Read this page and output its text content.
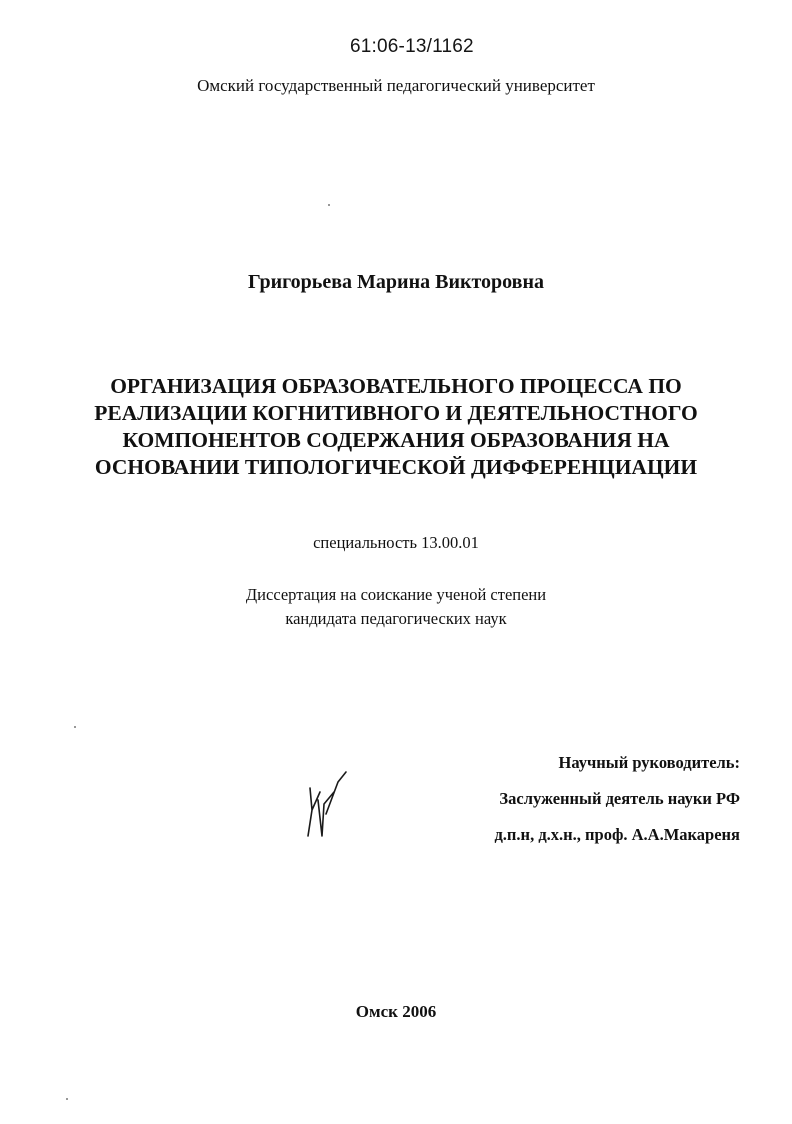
61:06-13/1162
Омский государственный педагогический университет
Григорьева Марина Викторовна
ОРГАНИЗАЦИЯ ОБРАЗОВАТЕЛЬНОГО ПРОЦЕССА ПО
РЕАЛИЗАЦИИ КОГНИТИВНОГО И ДЕЯТЕЛЬНОСТНОГО
КОМПОНЕНТОВ СОДЕРЖАНИЯ ОБРАЗОВАНИЯ НА
ОСНОВАНИИ ТИПОЛОГИЧЕСКОЙ ДИФФЕРЕНЦИАЦИИ
специальность 13.00.01
Диссертация на соискание ученой степени
кандидата педагогических наук
Научный руководитель:
Заслуженный деятель науки РФ
д.п.н, д.х.н., проф. А.А.Макареня
Омск 2006
